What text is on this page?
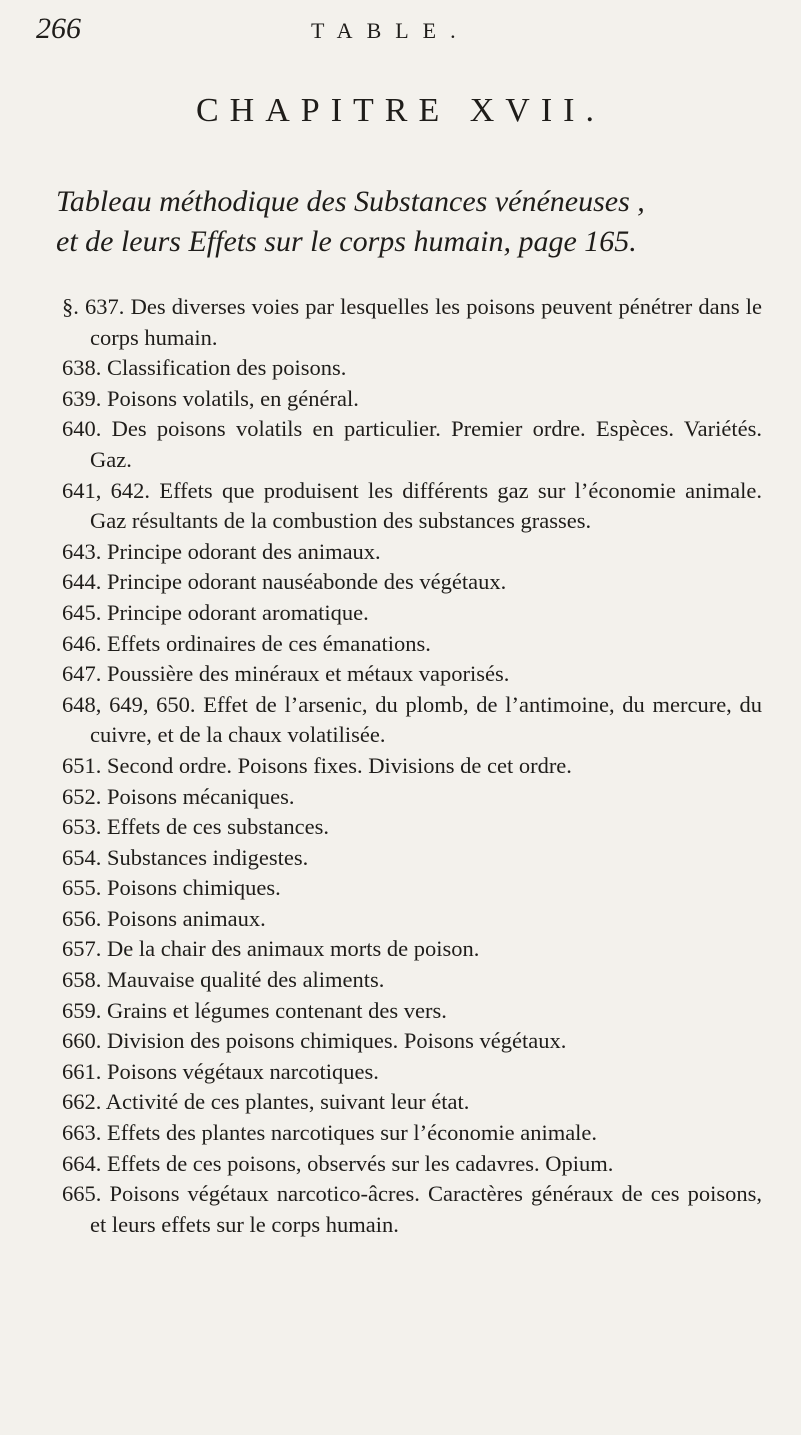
266	TABLE.
CHAPITRE XVII.
Tableau méthodique des Substances vénéneuses ,
et de leurs Effets sur le corps humain, page 165.

§. 637. Des diverses voies par lesquelles les poisons peuvent pénétrer dans le corps humain.

638. Classification des poisons.

639. Poisons volatils, en général.

640. Des poisons volatils en particulier. Premier ordre. Espèces. Variétés. Gaz.

641, 642. Effets que produisent les différents gaz sur l’économie animale. Gaz résultants de la combustion des substances grasses.

643. Principe odorant des animaux.

644. Principe odorant nauséabonde des végétaux.

645. Principe odorant aromatique.

646. Effets ordinaires de ces émanations.

647. Poussière des minéraux et métaux vaporisés.

648, 649, 650. Effet de l’arsenic, du plomb, de l’antimoine, du mercure, du cuivre, et de la chaux volatilisée.

651. Second ordre. Poisons fixes. Divisions de cet ordre.

652. Poisons mécaniques.

653. Effets de ces substances.

654. Substances indigestes.

655. Poisons chimiques.

656. Poisons animaux.

657. De la chair des animaux morts de poison.

658. Mauvaise qualité des aliments.

659. Grains et légumes contenant des vers.

660. Division des poisons chimiques. Poisons végétaux.

661. Poisons végétaux narcotiques.

662. Activité de ces plantes, suivant leur état.

663. Effets des plantes narcotiques sur l’économie animale.

664. Effets de ces poisons, observés sur les cadavres. Opium.

665. Poisons végétaux narcotico-âcres. Caractères généraux de ces poisons, et leurs effets sur le corps humain.
